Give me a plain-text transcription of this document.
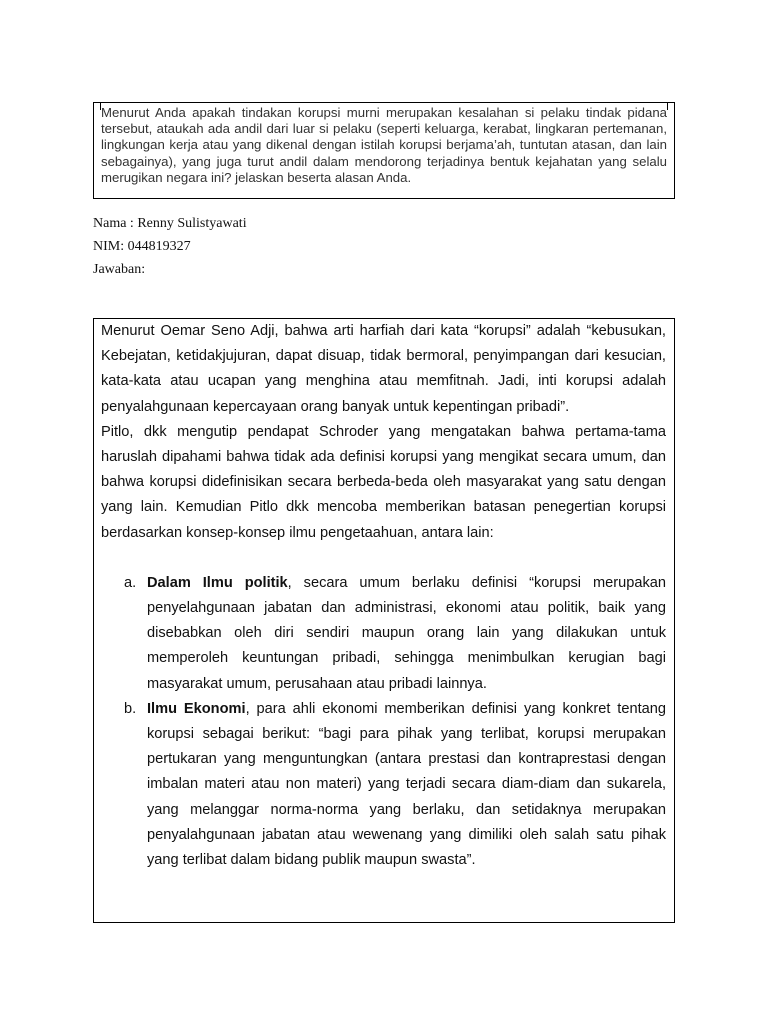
Menurut Anda apakah tindakan korupsi murni merupakan kesalahan si pelaku tindak pidana tersebut, ataukah ada andil dari luar si pelaku (seperti keluarga, kerabat, lingkaran pertemanan, lingkungan kerja atau yang dikenal dengan istilah korupsi berjama’ah, tuntutan atasan, dan lain sebagainya), yang juga turut andil dalam mendorong terjadinya bentuk kejahatan yang selalu merugikan negara ini? jelaskan beserta alasan Anda.
Nama : Renny Sulistyawati
NIM: 044819327
Jawaban:

Menurut Oemar Seno Adji, bahwa arti harfiah dari kata “korupsi” adalah “kebusukan, Kebejatan, ketidakjujuran, dapat disuap, tidak bermoral, penyimpangan dari kesucian, kata-kata atau ucapan yang menghina atau memfitnah. Jadi, inti korupsi adalah penyalahgunaan kepercayaan orang banyak untuk kepentingan pribadi”.

Pitlo, dkk mengutip pendapat Schroder yang mengatakan bahwa pertama-tama haruslah dipahami bahwa tidak ada definisi korupsi yang mengikat secara umum, dan bahwa korupsi didefinisikan secara berbeda-beda oleh masyarakat yang satu dengan yang lain. Kemudian Pitlo dkk mencoba memberikan batasan penegertian korupsi berdasarkan konsep-konsep ilmu pengetaahuan, antara lain:

a. Dalam Ilmu politik, secara umum berlaku definisi “korupsi merupakan penyelahgunaan jabatan dan administrasi, ekonomi atau politik, baik yang disebabkan oleh diri sendiri maupun orang lain yang dilakukan untuk memperoleh keuntungan pribadi, sehingga menimbulkan kerugian bagi masyarakat umum, perusahaan atau pribadi lainnya.
b. Ilmu Ekonomi, para ahli ekonomi memberikan definisi yang konkret tentang korupsi sebagai berikut: “bagi para pihak yang terlibat, korupsi merupakan pertukaran yang menguntungkan (antara prestasi dan kontraprestasi dengan imbalan materi atau non materi) yang terjadi secara diam-diam dan sukarela, yang melanggar norma-norma yang berlaku, dan setidaknya merupakan penyalahgunaan jabatan atau wewenang yang dimiliki oleh salah satu pihak yang terlibat dalam bidang publik maupun swasta”.
